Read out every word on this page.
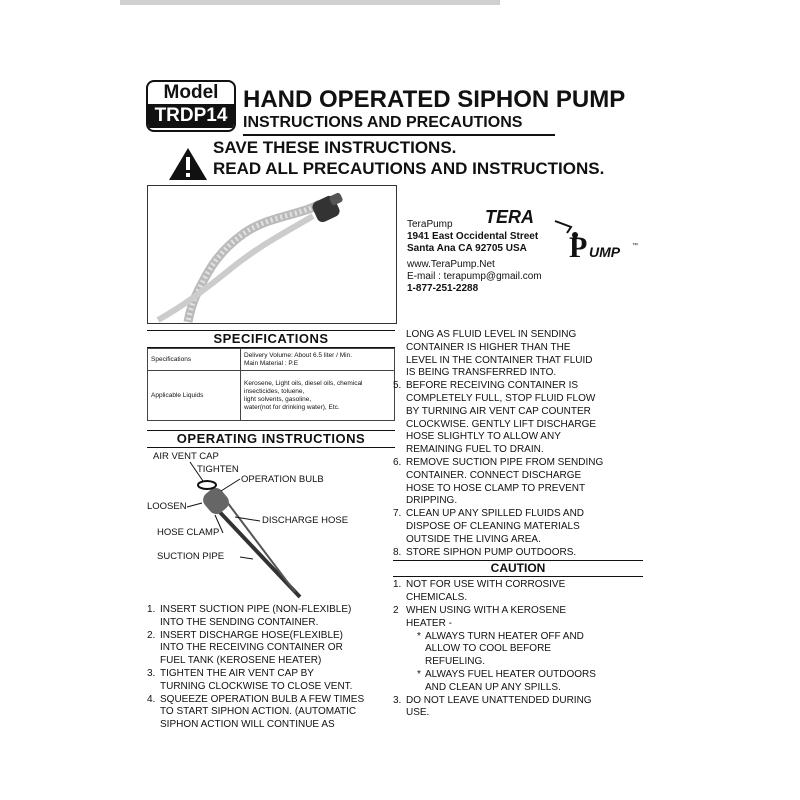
Model
TRDP14
HAND OPERATED SIPHON PUMP
INSTRUCTIONS AND PRECAUTIONS
SAVE THESE INSTRUCTIONS.
READ ALL PRECAUTIONS AND INSTRUCTIONS.
TeraPump
1941 East Occidental Street
Santa Ana CA 92705 USA
www.TeraPump.Net
E-mail : terapump@gmail.com
1-877-251-2288
TERA
P UMP ™
SPECIFICATIONS
Specifications	Delivery Volume: About 6.5 liter / Min.
Main Material : P.E

Applicable Liquids	Kerosene, Light oils, diesel oils, chemical insecticides, toluene,
light solvents, gasoline,
water(not for drinking water), Etc.
OPERATING INSTRUCTIONS
AIR VENT CAP
TIGHTEN
OPERATION BULB
LOOSEN
DISCHARGE HOSE
HOSE CLAMP
SUCTION PIPE
1. INSERT SUCTION PIPE (NON-FLEXIBLE)
INTO THE SENDING CONTAINER.
2. INSERT DISCHARGE HOSE(FLEXIBLE)
INTO THE RECEIVING CONTAINER OR
FUEL TANK (KEROSENE HEATER)
3. TIGHTEN THE AIR VENT CAP BY
TURNING CLOCKWISE TO CLOSE VENT.
4. SQUEEZE OPERATION BULB A FEW TIMES
TO START SIPHON ACTION. (AUTOMATIC
SIPHON ACTION WILL CONTINUE AS
LONG AS FLUID LEVEL IN SENDING
CONTAINER IS HIGHER THAN THE
LEVEL IN THE CONTAINER THAT FLUID
IS BEING TRANSFERRED INTO.
5. BEFORE RECEIVING CONTAINER IS
COMPLETELY FULL, STOP FLUID FLOW
BY TURNING AIR VENT CAP COUNTER
CLOCKWISE. GENTLY LIFT DISCHARGE
HOSE SLIGHTLY TO ALLOW ANY
REMAINING FUEL TO DRAIN.
6. REMOVE SUCTION PIPE FROM SENDING
CONTAINER. CONNECT DISCHARGE
HOSE TO HOSE CLAMP TO PREVENT
DRIPPING.
7. CLEAN UP ANY SPILLED FLUIDS AND
DISPOSE OF CLEANING MATERIALS
OUTSIDE THE LIVING AREA.
8. STORE SIPHON PUMP OUTDOORS.
CAUTION
1. NOT FOR USE WITH CORROSIVE
CHEMICALS.
2 WHEN USING WITH A KEROSENE
HEATER -
* ALWAYS TURN HEATER OFF AND
ALLOW TO COOL BEFORE
REFUELING.
* ALWAYS FUEL HEATER OUTDOORS
AND CLEAN UP ANY SPILLS.
3. DO NOT LEAVE UNATTENDED DURING
USE.
